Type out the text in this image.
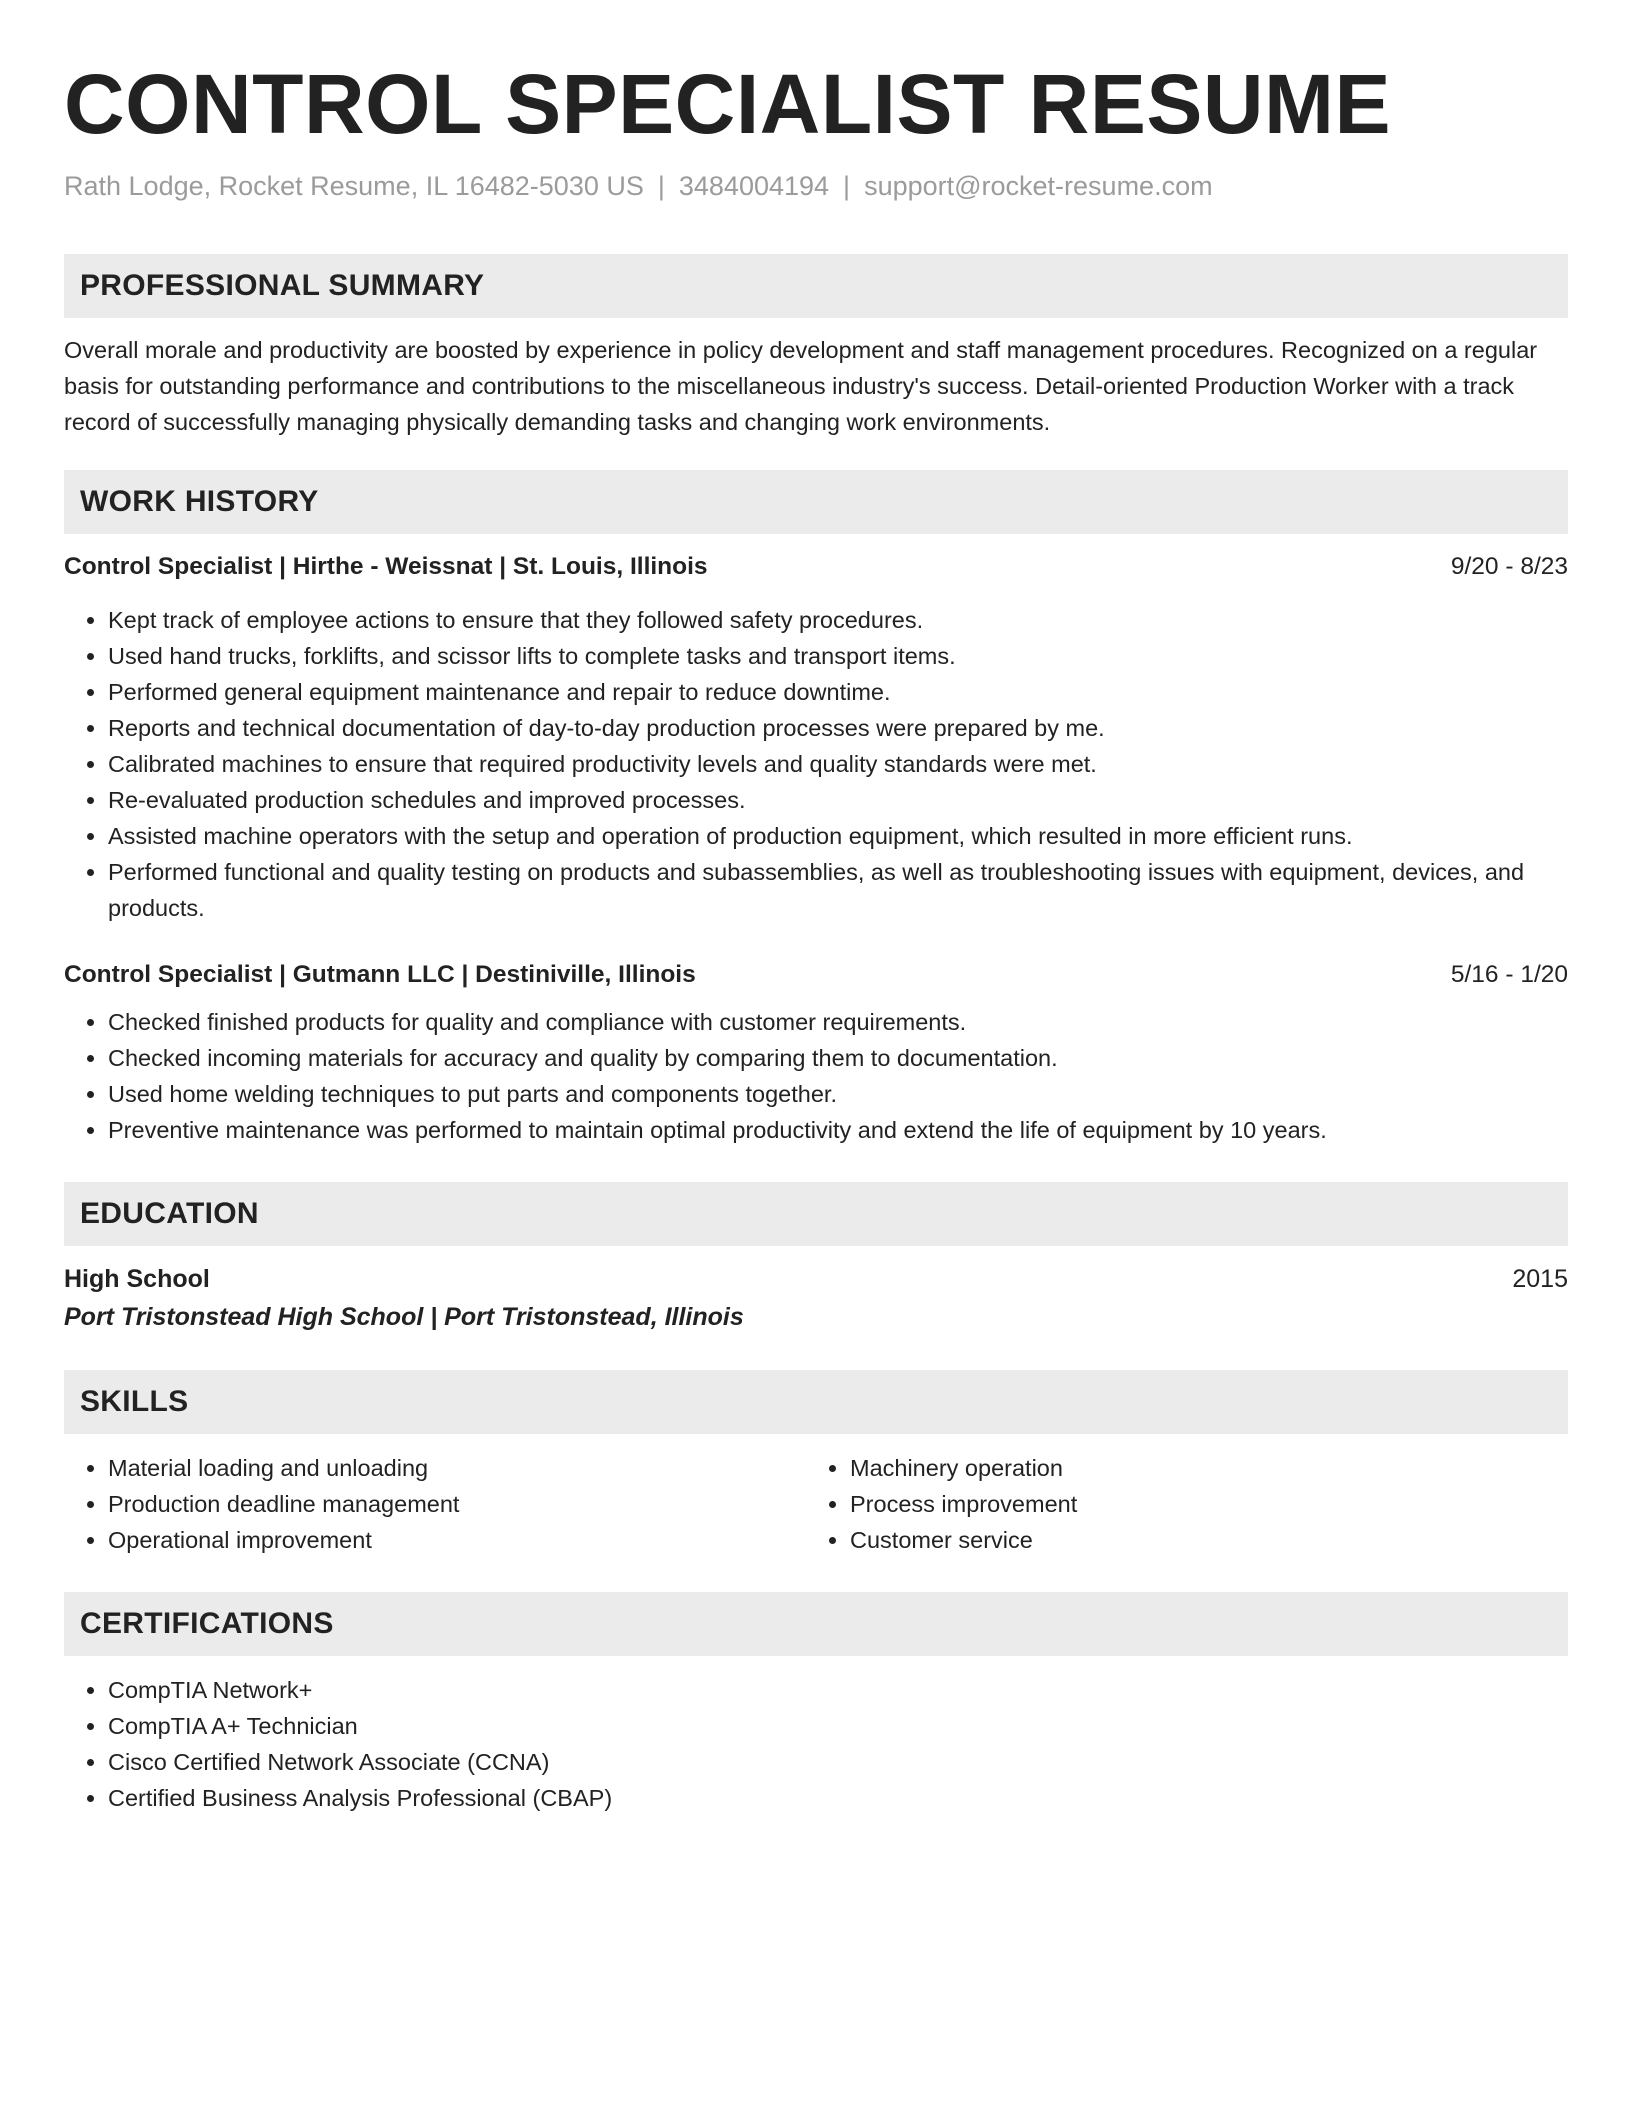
CONTROL SPECIALIST RESUME
Rath Lodge, Rocket Resume, IL 16482-5030 US | 3484004194 | support@rocket-resume.com
PROFESSIONAL SUMMARY

Overall morale and productivity are boosted by experience in policy development and staff management procedures. Recognized on a regular basis for outstanding performance and contributions to the miscellaneous industry's success. Detail-oriented Production Worker with a track record of successfully managing physically demanding tasks and changing work environments.

WORK HISTORY
Control Specialist | Hirthe - Weissnat | St. Louis, Illinois	9/20 - 8/23
• Kept track of employee actions to ensure that they followed safety procedures.
• Used hand trucks, forklifts, and scissor lifts to complete tasks and transport items.
• Performed general equipment maintenance and repair to reduce downtime.
• Reports and technical documentation of day-to-day production processes were prepared by me.
• Calibrated machines to ensure that required productivity levels and quality standards were met.
• Re-evaluated production schedules and improved processes.
• Assisted machine operators with the setup and operation of production equipment, which resulted in more efficient runs.
• Performed functional and quality testing on products and subassemblies, as well as troubleshooting issues with equipment, devices, and products.
Control Specialist | Gutmann LLC | Destiniville, Illinois	5/16 - 1/20
• Checked finished products for quality and compliance with customer requirements.
• Checked incoming materials for accuracy and quality by comparing them to documentation.
• Used home welding techniques to put parts and components together.
• Preventive maintenance was performed to maintain optimal productivity and extend the life of equipment by 10 years.
EDUCATION
High School	2015
Port Tristonstead High School | Port Tristonstead, Illinois
SKILLS
• Material loading and unloading
• Production deadline management
• Operational improvement
• Machinery operation
• Process improvement
• Customer service
CERTIFICATIONS
• CompTIA Network+
• CompTIA A+ Technician
• Cisco Certified Network Associate (CCNA)
• Certified Business Analysis Professional (CBAP)
